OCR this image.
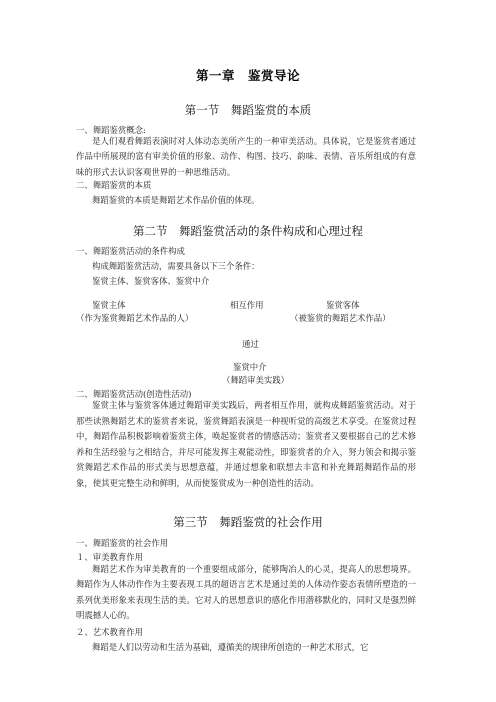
第一章　鉴赏导论
第一节　舞蹈鉴赏的本质
一、舞蹈鉴赏概念:
是人们观看舞蹈表演时对人体动态美所产生的一种审美活动。具体说，它是鉴赏者通过作品中所展现的富有审美价值的形象、动作、构图、技巧、韵味、表情、音乐所组成的有意味的形式去认识客观世界的一种思维活动。
二、舞蹈鉴赏的本质
舞蹈鉴赏的本质是舞蹈艺术作品价值的体现。
第二节　舞蹈鉴赏活动的条件构成和心理过程
一、舞蹈鉴赏活动的条件构成
构成舞蹈鉴赏活动，需要具备以下三个条件：
鉴赏主体、鉴赏客体、鉴赏中介
鉴赏主体	相互作用	鉴赏客体
（作为鉴赏舞蹈艺术作品的人）	（被鉴赏的舞蹈艺术作品）
通过
鉴赏中介
（舞蹈审美实践）
二、舞蹈鉴赏活动(创造性活动)
鉴赏主体与鉴赏客体通过舞蹈审美实践后，两者相互作用，就构成舞蹈鉴赏活动。对于那些读熟舞蹈艺术的鉴赏者来说，鉴赏舞蹈表演是一种视听觉的高级艺术享受。在鉴赏过程中，舞蹈作品积极影响着鉴赏主体，唤起鉴赏者的情感活动；鉴赏者又要根据自己的艺术修养和生活经验与之相结合，并尽可能发挥主观能动性，即鉴赏者的介入，努力领会和揭示鉴赏舞蹈艺术作品的形式美与思想意蕴，并通过想象和联想去丰富和补充舞蹈舞蹈作品的形象，使其更完整生动和鲜明，从而使鉴赏成为一种创造性的活动。
第三节　舞蹈鉴赏的社会作用
一、舞蹈鉴赏的社会作用
１、审美教育作用
舞蹈艺术作为审美教育的一个重要组成部分，能够陶冶人的心灵，提高人的思想境界。舞蹈作为人体动作作为主要表现工具的超语言艺术是通过美的人体动作姿态表情所塑造的一系列优美形象来表现生活的美。它对人的思想意识的感化作用潜移默化的，同时又是强烈鲜明震撼人心的。
２、艺术教育作用
舞蹈是人们以劳动和生活为基础，遵循美的规律所创造的一种艺术形式，它
